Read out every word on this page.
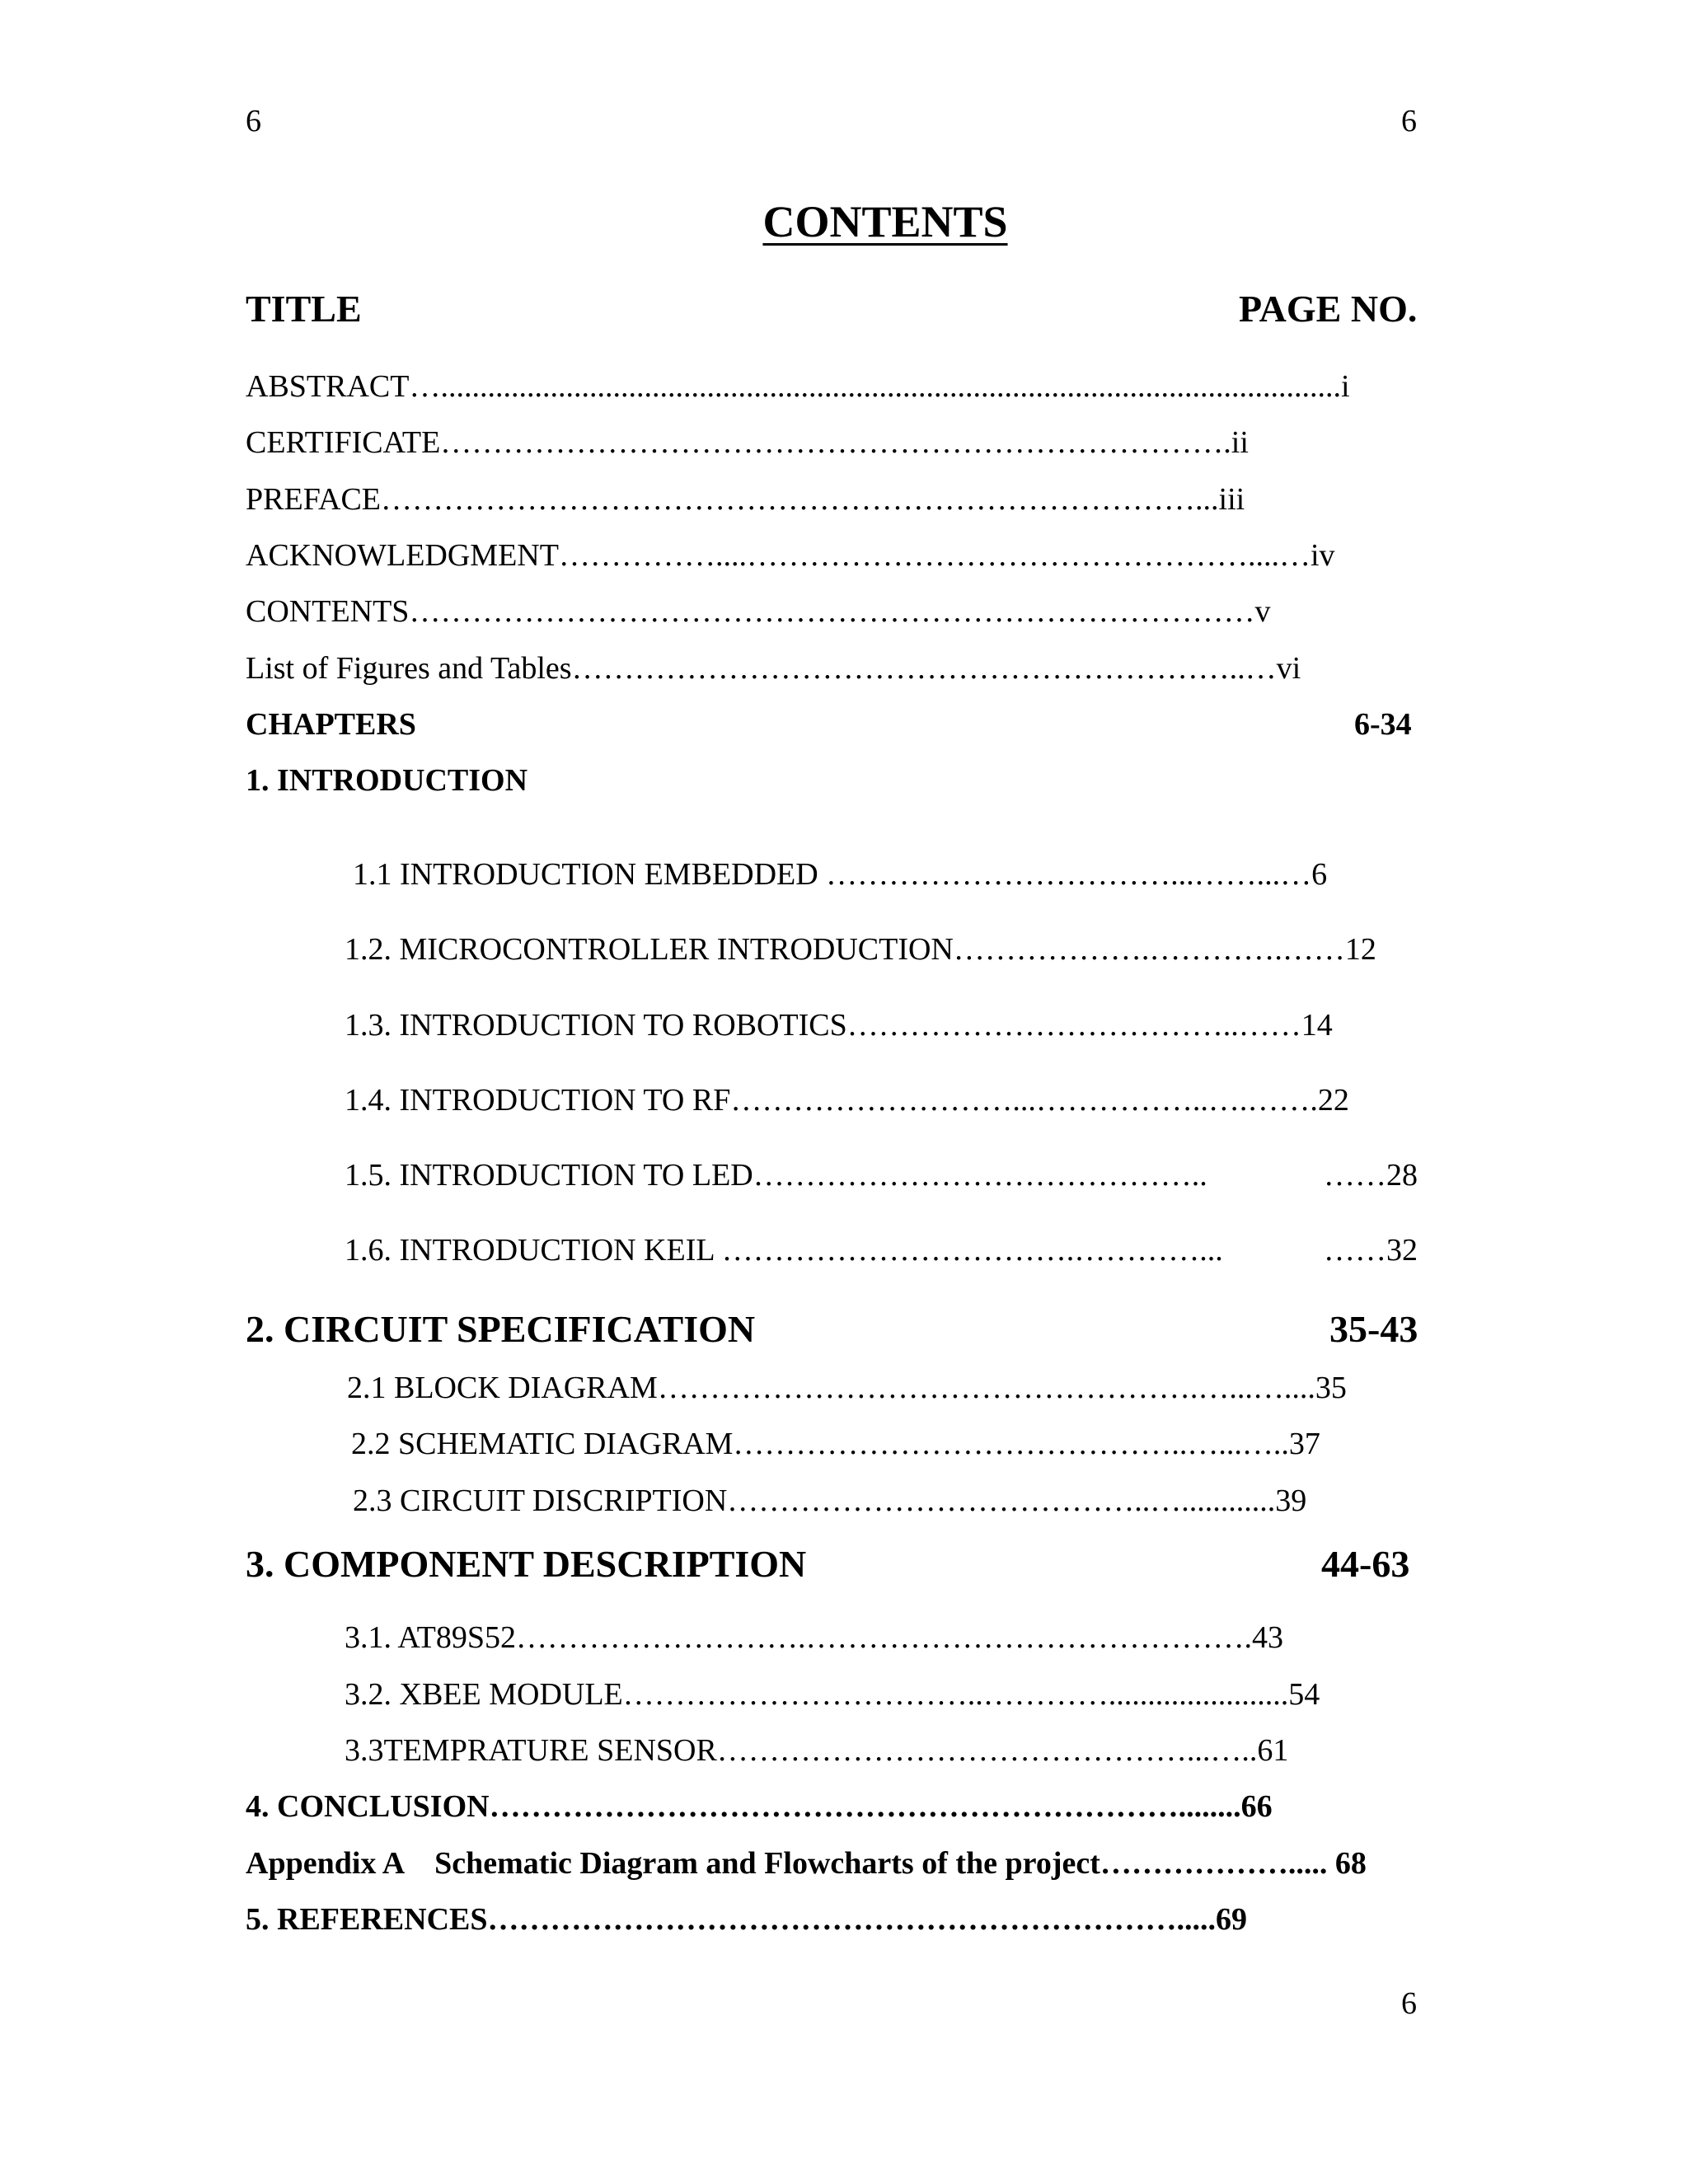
6	6
CONTENTS
TITLE	PAGE NO.
ABSTRACT…...................................................................................................................i
CERTIFICATE………………………………………………………………….ii
PREFACE……………………………………………………………………...iii
ACKNOWLEDGMENT……………....…………………………………………....…iv
CONTENTS………………………………………………………………………v
List of Figures and Tables………………………………………………………..…vi
CHAPTERS	6-34
1. INTRODUCTION
1.1 INTRODUCTION EMBEDDED ……………………………...……...…6
1.2. MICROCONTROLLER INTRODUCTION……………….………….……12
1.3. INTRODUCTION TO ROBOTICS………………………………..……14
1.4. INTRODUCTION TO RF………………………...……………..….…….22
1.5. INTRODUCTION TO LED……………………………………..	……28
1.6. INTRODUCTION KEIL …………………………….…………...	……32
2. CIRCUIT SPECIFICATION	35-43
2.1 BLOCK DIAGRAM…………………………………………….…...…....35
2.2 SCHEMATIC DIAGRAM……………………………………..…...…..37
2.3 CIRCUIT DISCRIPTION…………………………………..…............39
3. COMPONENT DESCRIPTION	44-63
3.1. AT89S52……………………….…………………………………….43
3.2. XBEE MODULE……………………………..………….......................54
3.3TEMPRATURE SENSOR………………………………………...…..61
4. CONCLUSION…………………………………………………………........66
Appendix A    Schematic Diagram and Flowcharts of the project………………..... 68
5. REFERENCES………………………………………………………….....69
6
